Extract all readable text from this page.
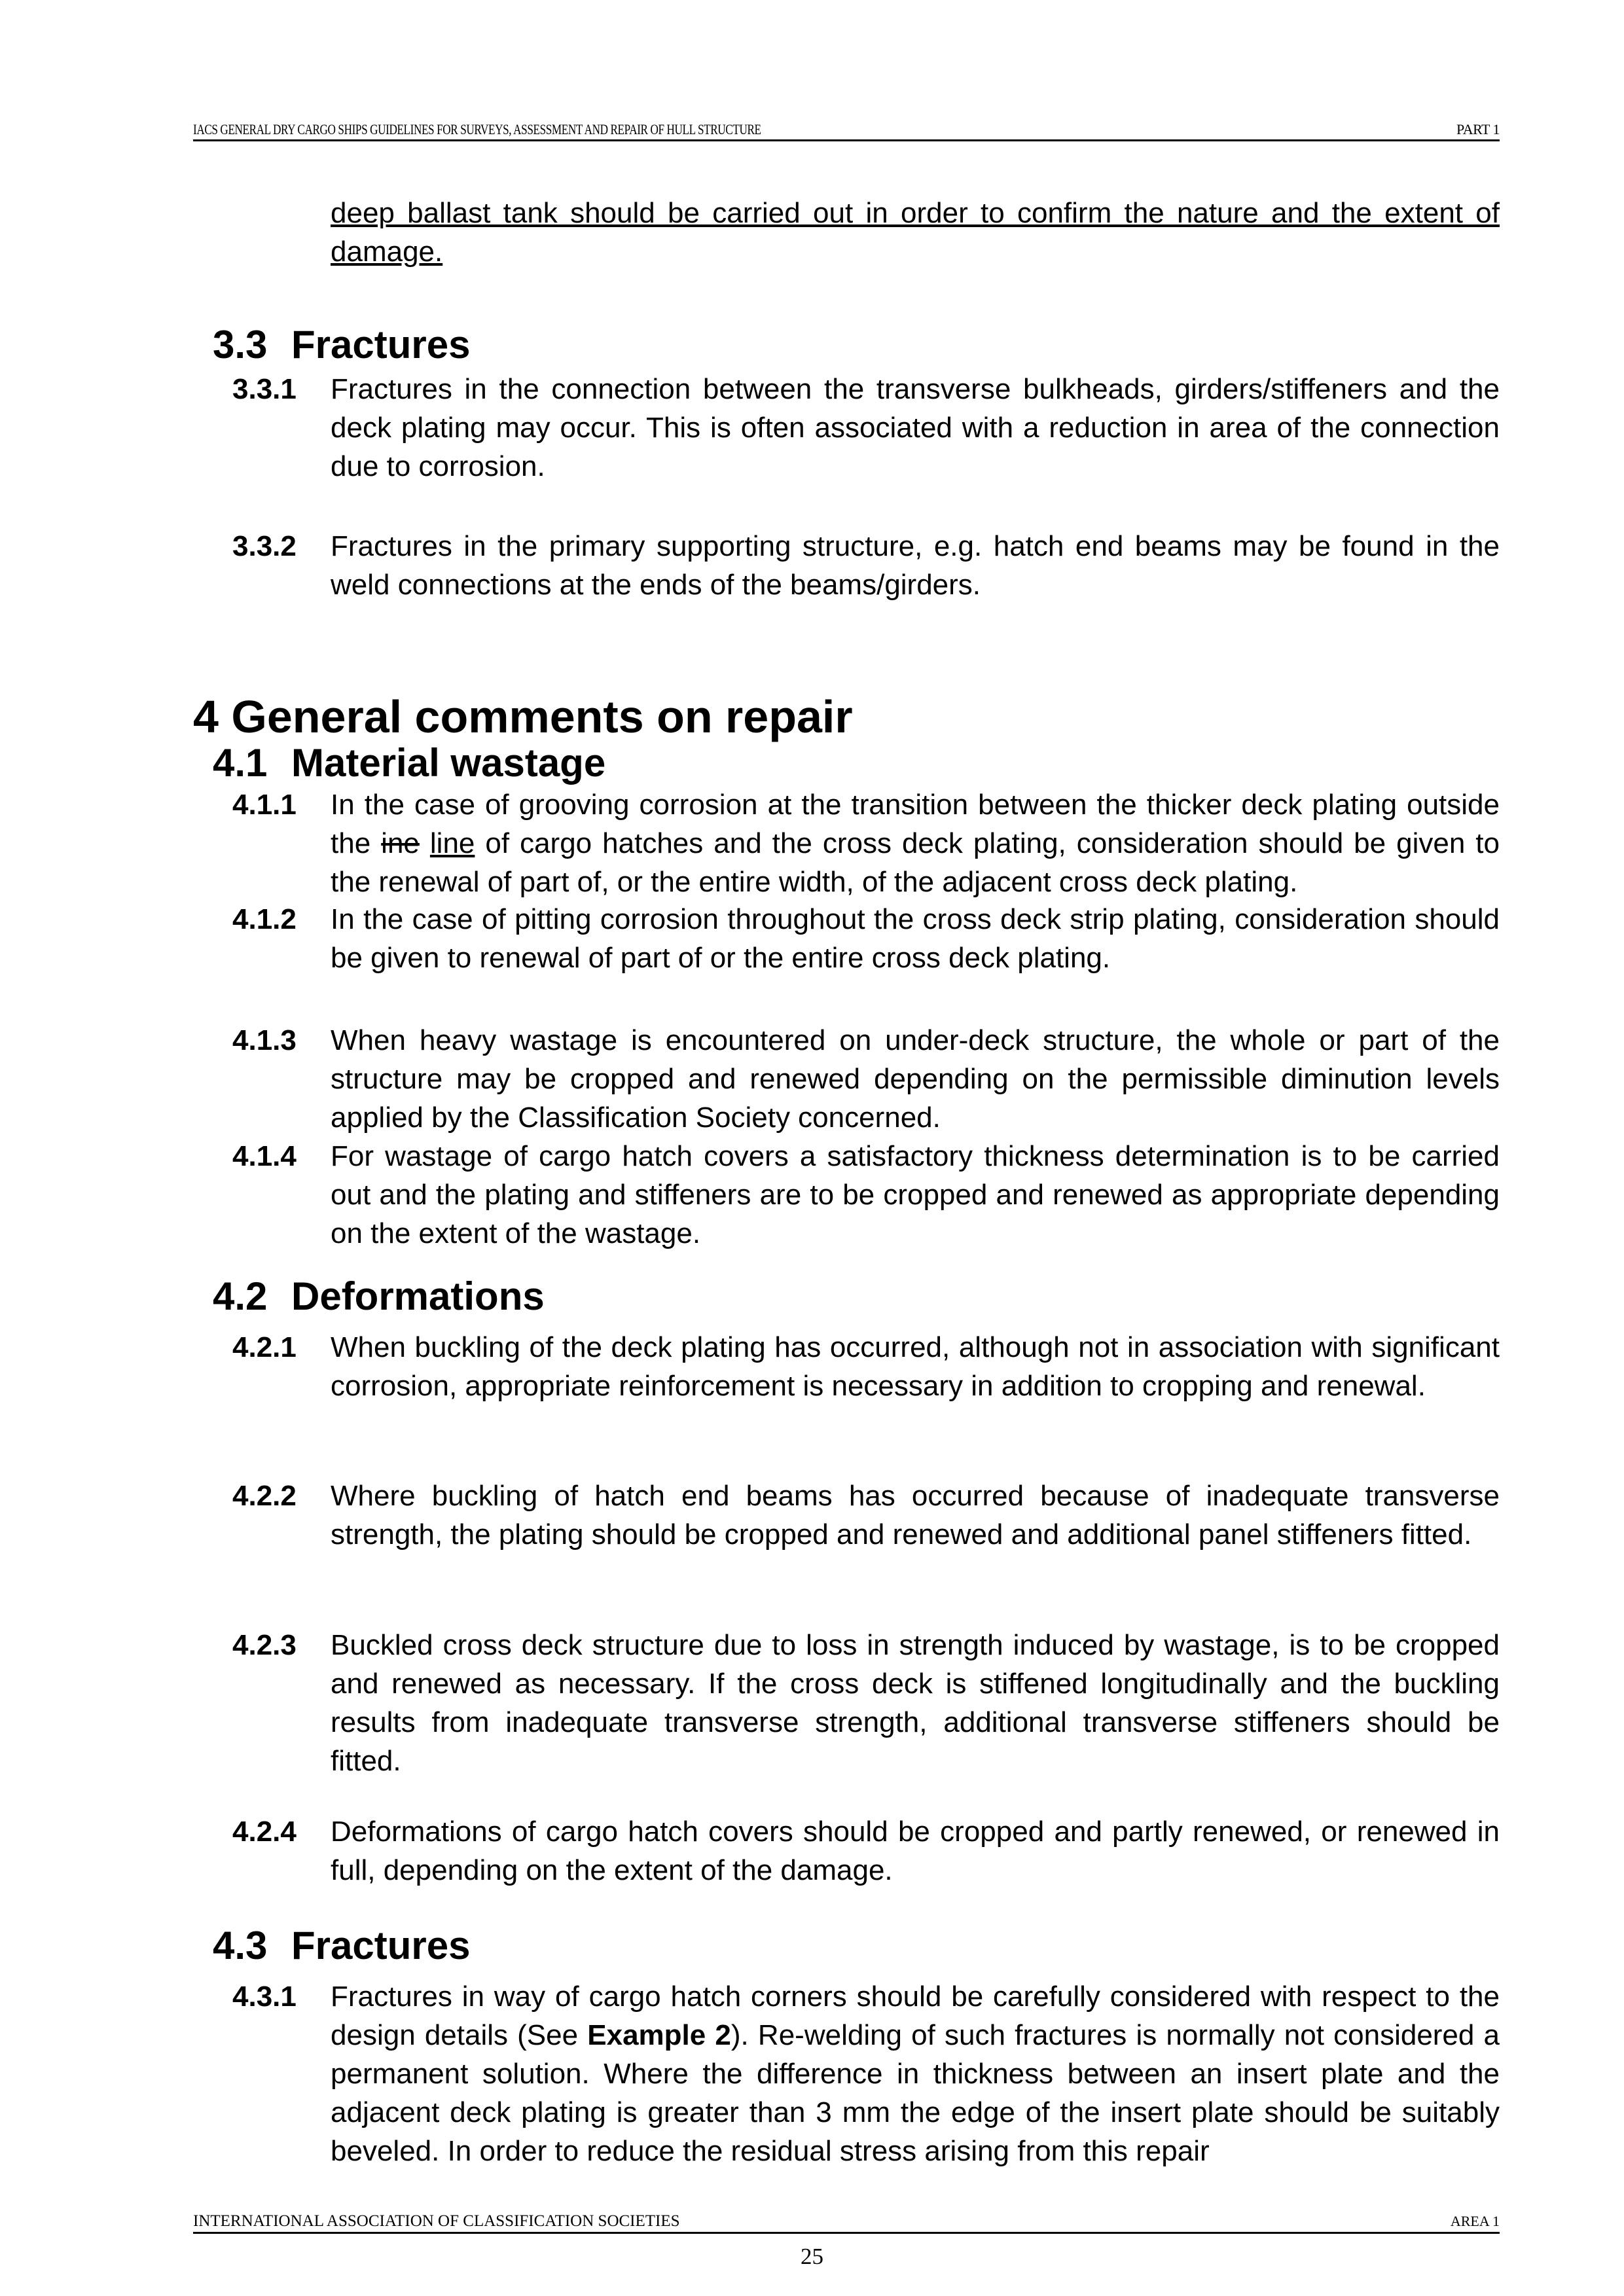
IACS GENERAL DRY CARGO SHIPS GUIDELINES FOR SURVEYS, ASSESSMENT AND REPAIR OF HULL STRUCTURE	PART 1
deep ballast tank should be carried out in order to confirm the nature and the extent of damage.
3.3 Fractures
3.3.1 Fractures in the connection between the transverse bulkheads, girders/stiffeners and the deck plating may occur. This is often associated with a reduction in area of the connection due to corrosion.
3.3.2 Fractures in the primary supporting structure, e.g. hatch end beams may be found in the weld connections at the ends of the beams/girders.
4 General comments on repair
4.1 Material wastage
4.1.1 In the case of grooving corrosion at the transition between the thicker deck plating outside the ine line of cargo hatches and the cross deck plating, consideration should be given to the renewal of part of, or the entire width, of the adjacent cross deck plating.
4.1.2 In the case of pitting corrosion throughout the cross deck strip plating, consideration should be given to renewal of part of or the entire cross deck plating.
4.1.3 When heavy wastage is encountered on under-deck structure, the whole or part of the structure may be cropped and renewed depending on the permissible diminution levels applied by the Classification Society concerned.
4.1.4 For wastage of cargo hatch covers a satisfactory thickness determination is to be carried out and the plating and stiffeners are to be cropped and renewed as appropriate depending on the extent of the wastage.
4.2 Deformations
4.2.1 When buckling of the deck plating has occurred, although not in association with significant corrosion, appropriate reinforcement is necessary in addition to cropping and renewal.
4.2.2 Where buckling of hatch end beams has occurred because of inadequate transverse strength, the plating should be cropped and renewed and additional panel stiffeners fitted.
4.2.3 Buckled cross deck structure due to loss in strength induced by wastage, is to be cropped and renewed as necessary. If the cross deck is stiffened longitudinally and the buckling results from inadequate transverse strength, additional transverse stiffeners should be fitted.
4.2.4 Deformations of cargo hatch covers should be cropped and partly renewed, or renewed in full, depending on the extent of the damage.
4.3 Fractures
4.3.1 Fractures in way of cargo hatch corners should be carefully considered with respect to the design details (See Example 2). Re-welding of such fractures is normally not considered a permanent solution. Where the difference in thickness between an insert plate and the adjacent deck plating is greater than 3 mm the edge of the insert plate should be suitably beveled. In order to reduce the residual stress arising from this repair
INTERNATIONAL ASSOCIATION OF CLASSIFICATION SOCIETIES	AREA 1
25
